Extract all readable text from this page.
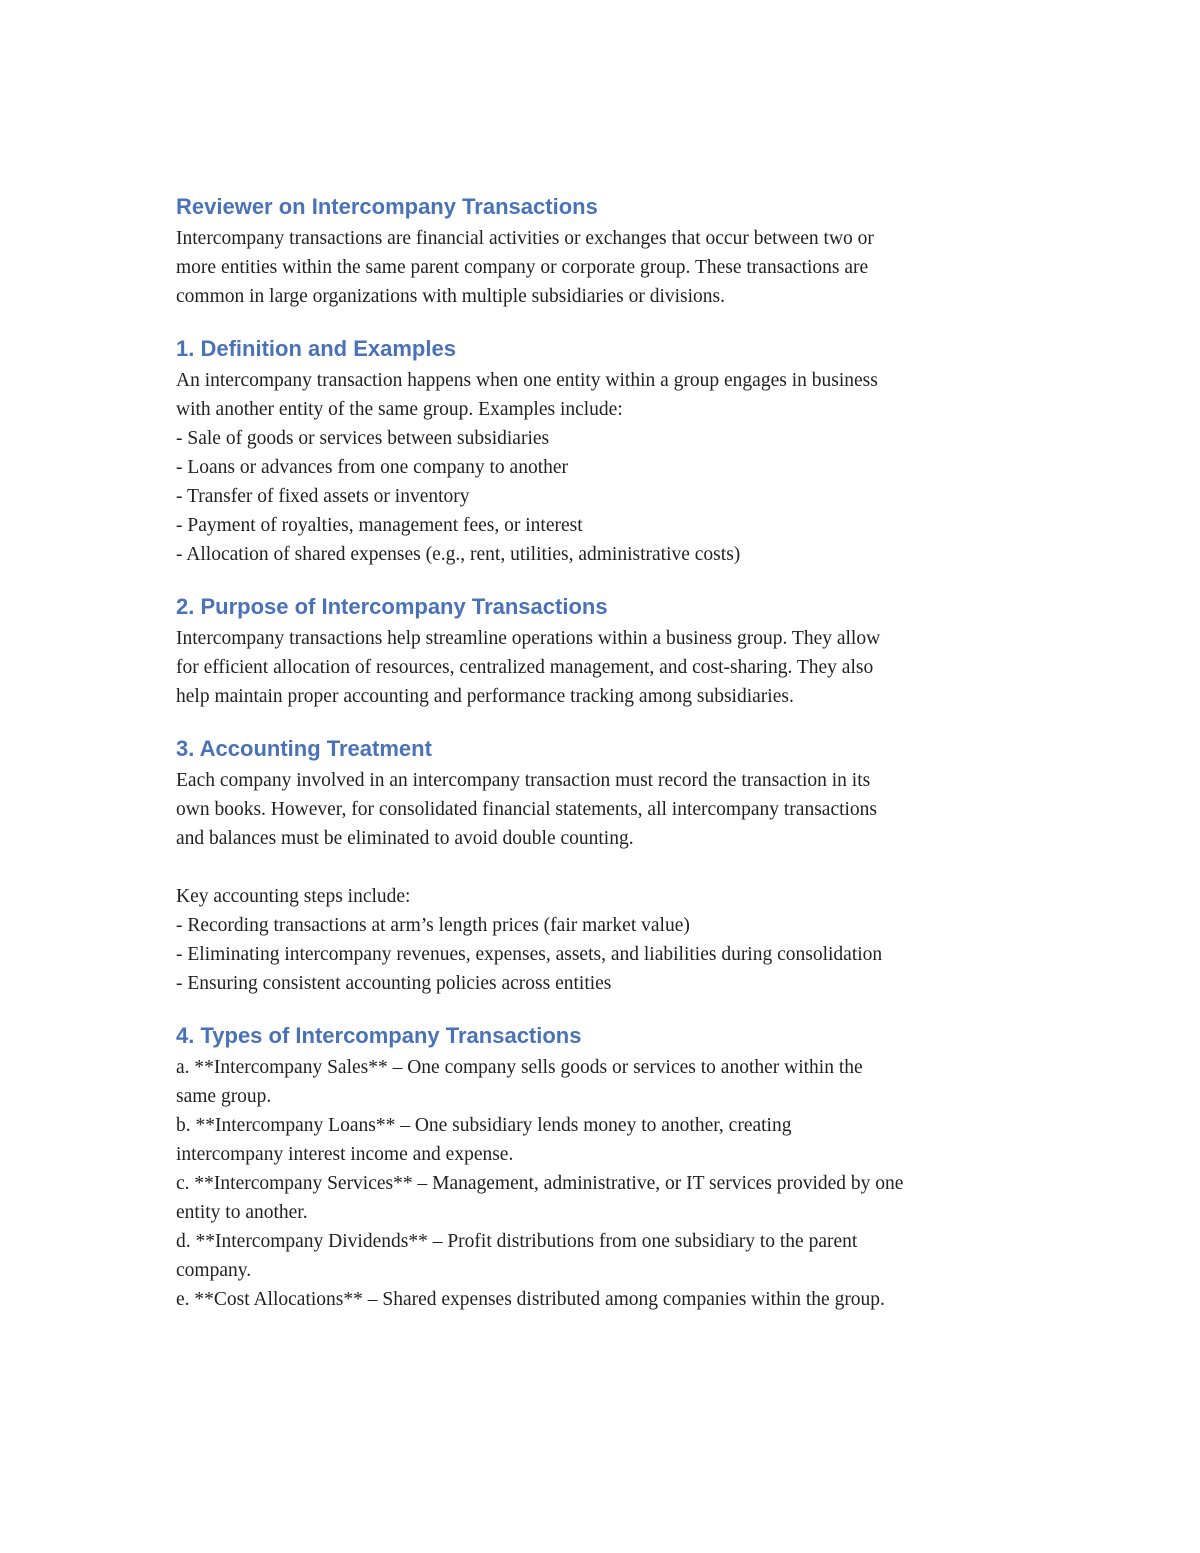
Reviewer on Intercompany Transactions

Intercompany transactions are financial activities or exchanges that occur between two or
more entities within the same parent company or corporate group. These transactions are
common in large organizations with multiple subsidiaries or divisions.

1. Definition and Examples

An intercompany transaction happens when one entity within a group engages in business
with another entity of the same group. Examples include:
- Sale of goods or services between subsidiaries
- Loans or advances from one company to another
- Transfer of fixed assets or inventory
- Payment of royalties, management fees, or interest
- Allocation of shared expenses (e.g., rent, utilities, administrative costs)

2. Purpose of Intercompany Transactions

Intercompany transactions help streamline operations within a business group. They allow
for efficient allocation of resources, centralized management, and cost-sharing. They also
help maintain proper accounting and performance tracking among subsidiaries.

3. Accounting Treatment

Each company involved in an intercompany transaction must record the transaction in its
own books. However, for consolidated financial statements, all intercompany transactions
and balances must be eliminated to avoid double counting.

Key accounting steps include:
- Recording transactions at arm’s length prices (fair market value)
- Eliminating intercompany revenues, expenses, assets, and liabilities during consolidation
- Ensuring consistent accounting policies across entities

4. Types of Intercompany Transactions

a. **Intercompany Sales** – One company sells goods or services to another within the
same group.
b. **Intercompany Loans** – One subsidiary lends money to another, creating
intercompany interest income and expense.
c. **Intercompany Services** – Management, administrative, or IT services provided by one
entity to another.
d. **Intercompany Dividends** – Profit distributions from one subsidiary to the parent
company.
e. **Cost Allocations** – Shared expenses distributed among companies within the group.
